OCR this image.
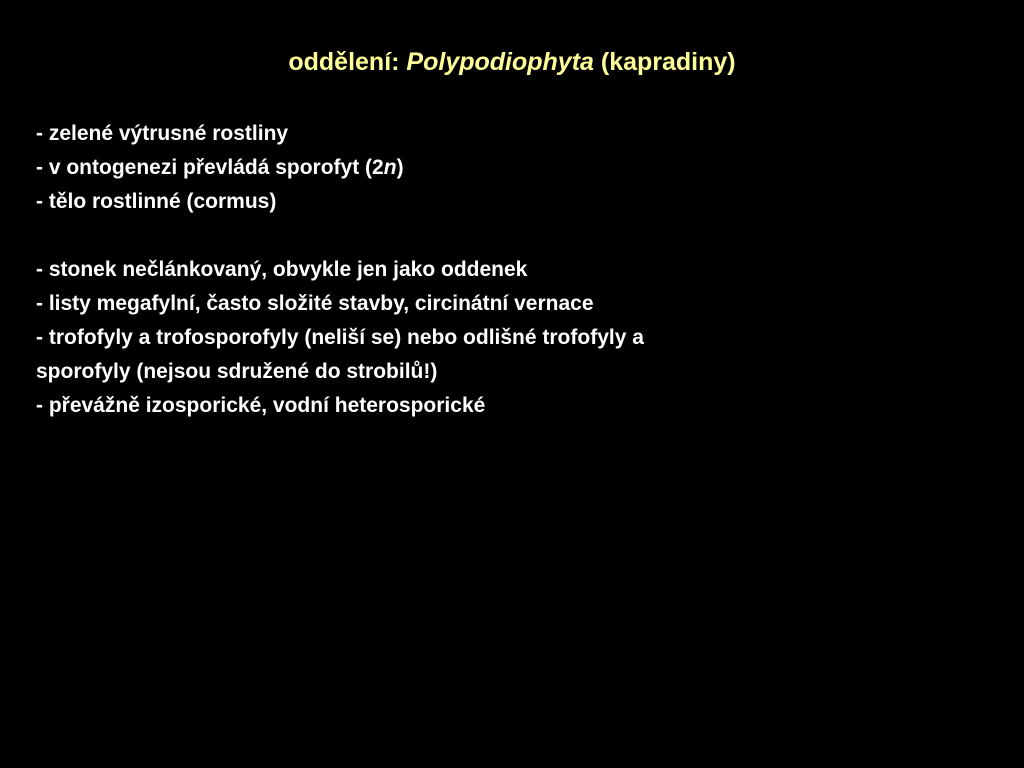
oddělení: Polypodiophyta (kapradiny)
- zelené výtrusné rostliny
- v ontogenezi převládá sporofyt (2n)
- tělo rostlinné (cormus)
- stonek nečlánkovaný, obvykle jen jako oddenek
- listy megafylní, často složité stavby, circinátní vernace
- trofofyly a trofosporofyly (neliší se) nebo odlišné trofofyly a
sporofyly (nejsou sdružené do strobilů!)
- převážně izosporické, vodní heterosporické
